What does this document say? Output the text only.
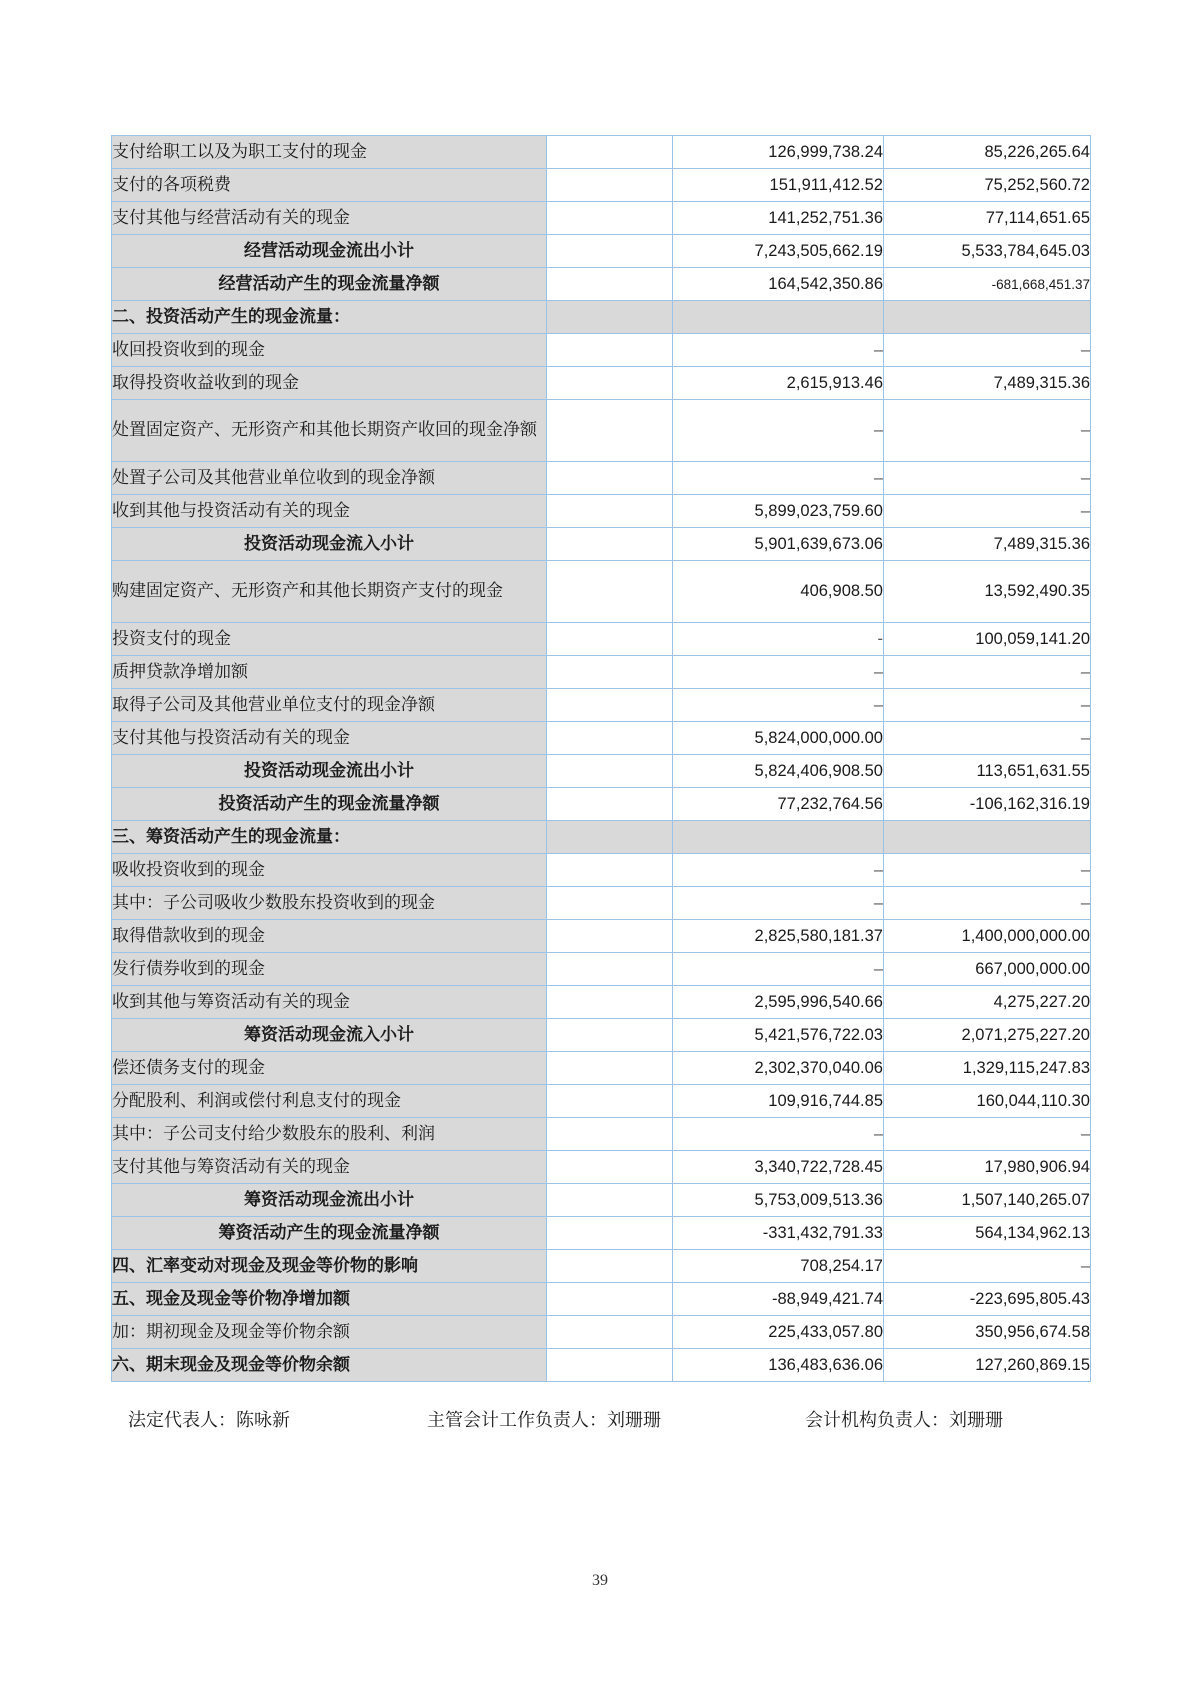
支付给职工以及为职工支付的现金		126,999,738.24	85,226,265.64
支付的各项税费		151,911,412.52	75,252,560.72
支付其他与经营活动有关的现金		141,252,751.36	77,114,651.65
经营活动现金流出小计		7,243,505,662.19	5,533,784,645.03
经营活动产生的现金流量净额		164,542,350.86	-681,668,451.37
二、投资活动产生的现金流量：			
收回投资收到的现金		–	–
取得投资收益收到的现金		2,615,913.46	7,489,315.36
处置固定资产、无形资产和其他长期资产收回的现金净额		–	–
处置子公司及其他营业单位收到的现金净额		–	–
收到其他与投资活动有关的现金		5,899,023,759.60	–
投资活动现金流入小计		5,901,639,673.06	7,489,315.36
购建固定资产、无形资产和其他长期资产支付的现金		406,908.50	13,592,490.35
投资支付的现金		-	100,059,141.20
质押贷款净增加额		–	–
取得子公司及其他营业单位支付的现金净额		–	–
支付其他与投资活动有关的现金		5,824,000,000.00	–
投资活动现金流出小计		5,824,406,908.50	113,651,631.55
投资活动产生的现金流量净额		77,232,764.56	-106,162,316.19
三、筹资活动产生的现金流量：			
吸收投资收到的现金		–	–
其中：子公司吸收少数股东投资收到的现金		–	–
取得借款收到的现金		2,825,580,181.37	1,400,000,000.00
发行债券收到的现金		–	667,000,000.00
收到其他与筹资活动有关的现金		2,595,996,540.66	4,275,227.20
筹资活动现金流入小计		5,421,576,722.03	2,071,275,227.20
偿还债务支付的现金		2,302,370,040.06	1,329,115,247.83
分配股利、利润或偿付利息支付的现金		109,916,744.85	160,044,110.30
其中：子公司支付给少数股东的股利、利润		–	–
支付其他与筹资活动有关的现金		3,340,722,728.45	17,980,906.94
筹资活动现金流出小计		5,753,009,513.36	1,507,140,265.07
筹资活动产生的现金流量净额		-331,432,791.33	564,134,962.13
四、汇率变动对现金及现金等价物的影响		708,254.17	–
五、现金及现金等价物净增加额		-88,949,421.74	-223,695,805.43
加：期初现金及现金等价物余额		225,433,057.80	350,956,674.58
六、期末现金及现金等价物余额		136,483,636.06	127,260,869.15
法定代表人：陈咏新	主管会计工作负责人：刘珊珊	会计机构负责人：刘珊珊
39
